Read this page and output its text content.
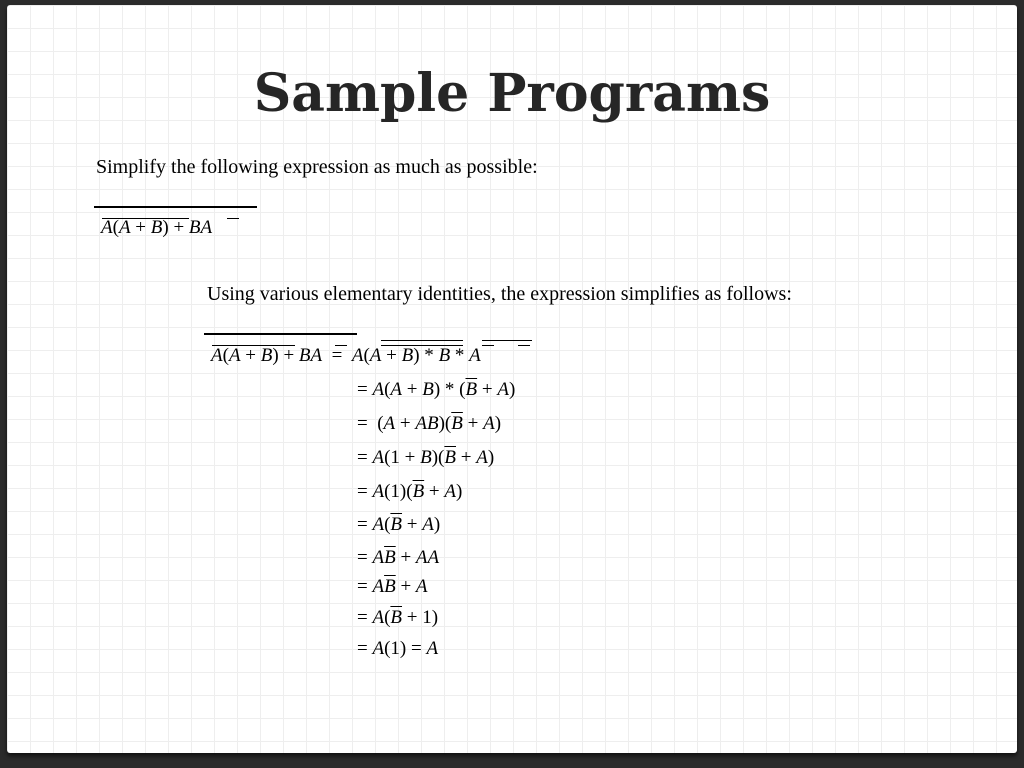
Sample Programs
Simplify the following expression as much as possible:
A(A + B) + BA
Using various elementary identities, the expression simplifies as follows:
A(A + B) + BA  =  A(A + B) * B * A
= $A(A + B) * (\overline{B} + A)$
=  $(A + AB)(\overline{B} + A)$
= $A(1 + B)(\overline{B} + A)$
= $A(1)(\overline{B} + A)$
= $A(\overline{B} + A)$
= $A\overline{B}$ + AA
= $A\overline{B} + A$
= $A(\overline{B} + 1)$
= A(1) = A
